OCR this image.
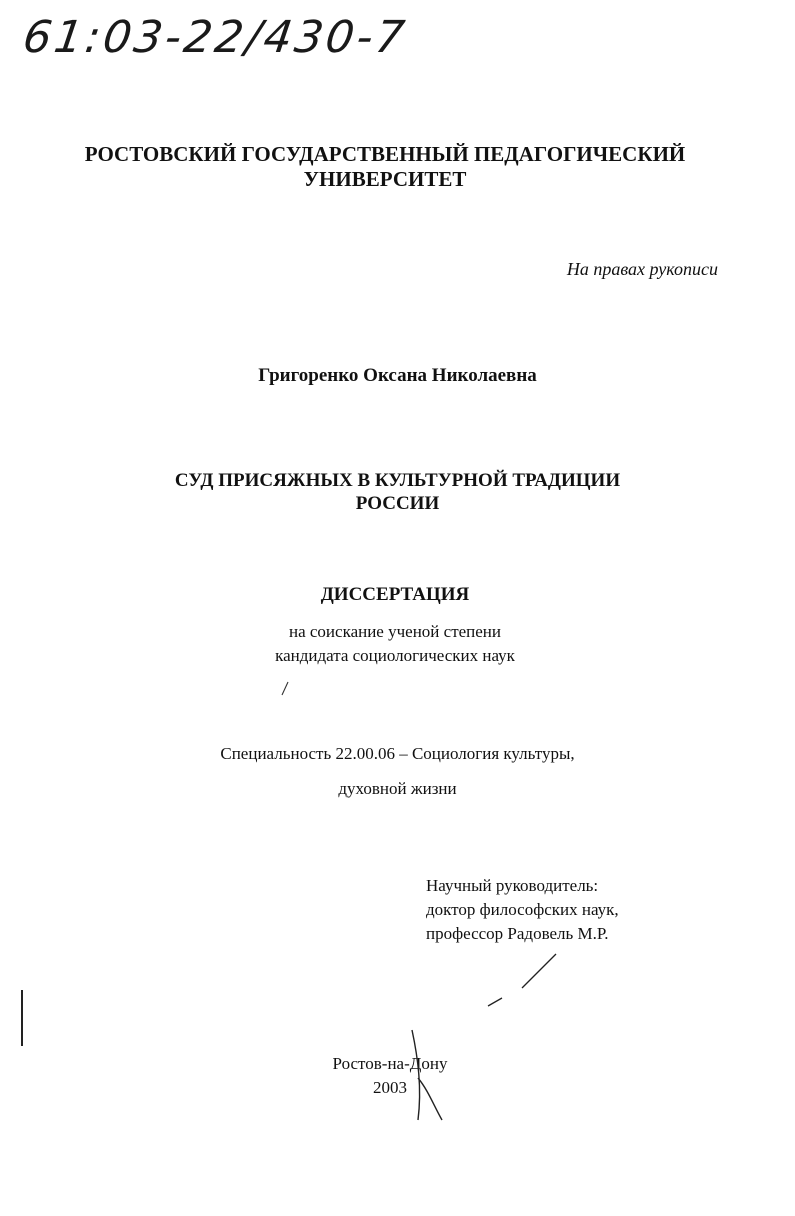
61:03-22/430-7
РОСТОВСКИЙ ГОСУДАРСТВЕННЫЙ ПЕДАГОГИЧЕСКИЙ
УНИВЕРСИТЕТ
На правах рукописи
Григоренко Оксана Николаевна
СУД ПРИСЯЖНЫХ В КУЛЬТУРНОЙ ТРАДИЦИИ
РОССИИ
ДИССЕРТАЦИЯ
на соискание ученой степени
кандидата социологических наук
Специальность 22.00.06 – Социология культуры,
духовной жизни
Научный руководитель:
доктор философских наук,
профессор Радовель М.Р.
Ростов-на-Дону
2003
